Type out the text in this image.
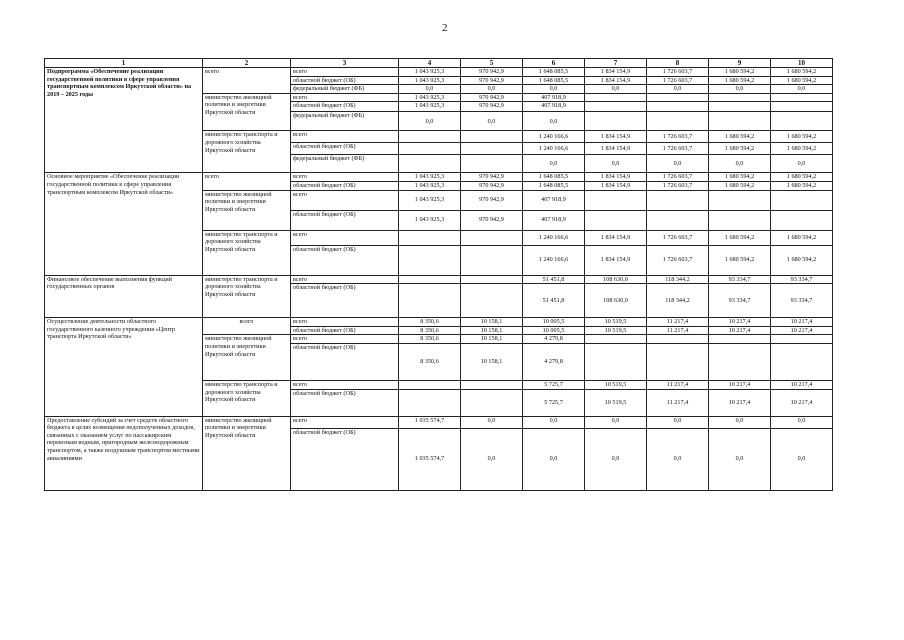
2
1	2	3	4	5	6	7	8	9	10
Подпрограмма «Обеспечение реализации государственной политики в сфере управления транспортным комплексом Иркутской области» на 2019 – 2025 годы	всего	всего	1 043 925,3	970 942,9	1 648 085,5	1 834 154,9	1 726 603,7	1 680 594,2	1 680 594,2
		областной бюджет (ОБ)	1 043 925,3	970 942,9	1 648 085,5	1 834 154,9	1 726 603,7	1 680 594,2	1 680 594,2
		федеральный бюджет (ФБ)	0,0	0,0	0,0	0,0	0,0	0,0	0,0
	министерство жилищной политики и энергетики Иркутской области	всего	1 043 925,3	970 942,9	407 918,9				
		областной бюджет (ОБ)	1 043 925,3	970 942,9	407 918,9				
		федеральный бюджет (ФБ)	0,0	0,0	0,0				
	министерство транспорта и дорожного хозяйства Иркутской области	всего			1 240 166,6	1 834 154,9	1 726 603,7	1 680 594,2	1 680 594,2
		областной бюджет (ОБ)			1 240 166,6	1 834 154,9	1 726 603,7	1 680 594,2	1 680 594,2
		федеральный бюджет (ФБ)			0,0	0,0	0,0	0,0	0,0
Основное мероприятие «Обеспечение реализации государственной политики в сфере управления транспортным комплексом Иркутской области»	всего	всего	1 043 925,3	970 942,9	1 648 085,5	1 834 154,9	1 726 603,7	1 680 594,2	1 680 594,2
		областной бюджет (ОБ)	1 043 925,3	970 942,9	1 648 085,5	1 834 154,9	1 726 603,7	1 680 594,2	1 680 594,2
	министерство жилищной политики и энергетики Иркутской области	всего	1 043 925,3	970 942,9	407 918,9				
		областной бюджет (ОБ)	1 043 925,3	970 942,9	407 918,9				
	министерство транспорта и дорожного хозяйства Иркутской области	всего			1 240 166,6	1 834 154,9	1 726 603,7	1 680 594,2	1 680 594,2
		областной бюджет (ОБ)			1 240 166,6	1 834 154,9	1 726 603,7	1 680 594,2	1 680 594,2
Финансовое обеспечение выполнения функций государственных органов	министерство транспорта и дорожного хозяйства Иркутской области	всего			51 451,8	108 630,0	118 344,2	93 334,7	93 334,7
		областной бюджет (ОБ)			51 451,8	108 630,0	118 344,2	93 334,7	93 334,7
Осуществление деятельности областного государственного казенного учреждения «Центр транспорта Иркутской области»	всего	всего	8 350,6	10 158,1	10 005,5	10 519,5	11 217,4	10 217,4	10 217,4
		областной бюджет (ОБ)	8 350,6	10 158,1	10 005,5	10 519,5	11 217,4	10 217,4	10 217,4
	министерство жилищной политики и энергетики Иркутской области	всего	8 350,6	10 158,1	4 279,8				
		областной бюджет (ОБ)	8 350,6	10 158,1	4 279,8				
	министерство транспорта и дорожного хозяйства Иркутской области	всего			5 725,7	10 519,5	11 217,4	10 217,4	10 217,4
		областной бюджет (ОБ)			5 725,7	10 519,5	11 217,4	10 217,4	10 217,4
Предоставление субсидий за счет средств областного бюджета в целях возмещения недополученных доходов, связанных с оказанием услуг по пассажирским перевозкам водным, пригородным железнодорожным транспортом, а также воздушным транспортом местными авиалиниями	министерство жилищной политики и энергетики Иркутской области	всего	1 035 574,7	0,0	0,0	0,0	0,0	0,0	0,0
		областной бюджет (ОБ)	1 035 574,7	0,0	0,0	0,0	0,0	0,0	0,0
